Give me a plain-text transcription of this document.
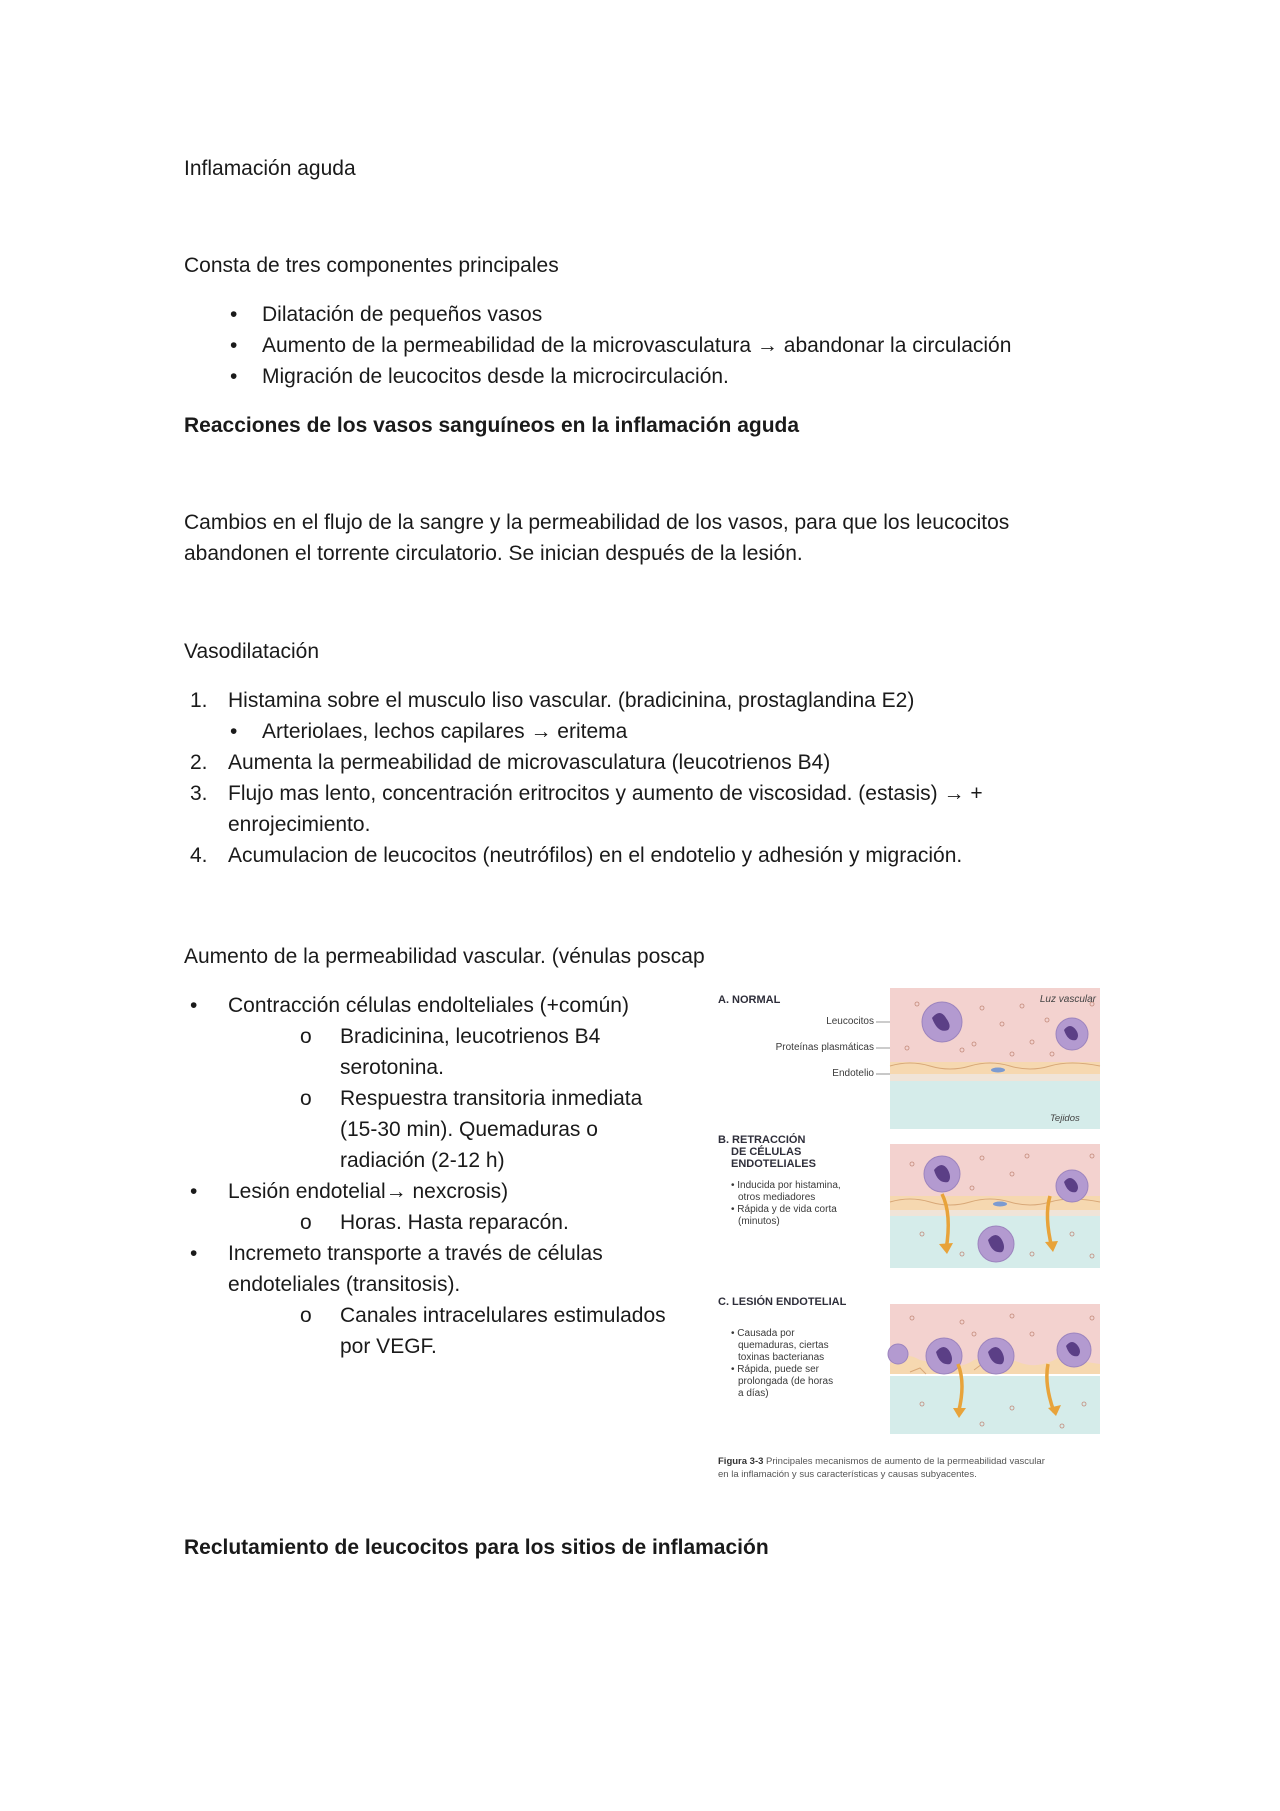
Inflamación aguda

Consta de tres componentes principales

• Dilatación de pequeños vasos
• Aumento de la permeabilidad de la microvasculatura → abandonar la circulación
• Migración de leucocitos desde la microcirculación.

Reacciones de los vasos sanguíneos en la inflamación aguda

Cambios en el flujo de la sangre y la permeabilidad de los vasos, para que los leucocitos

abandonen el torrente circulatorio. Se inician después de la lesión.

Vasodilatación

1. Histamina sobre el musculo liso vascular. (bradicinina, prostaglandina E2)
• Arteriolaes, lechos capilares → eritema
2. Aumenta la permeabilidad de microvasculatura (leucotrienos B4)
3. Flujo mas lento, concentración eritrocitos y aumento de viscosidad. (estasis) → +
enrojecimiento.
4. Acumulacion de leucocitos (neutrófilos) en el endotelio y adhesión y migración.

Aumento de la permeabilidad vascular. (vénulas poscap

• Contracción células endolteliales (+común)
o Bradicinina, leucotrienos B4
serotonina.
o Respuestra transitoria inmediata
(15-30 min). Quemaduras o
radiación (2-12 h)
• Lesión endotelial→ nexcrosis)
o Horas. Hasta reparacón.
• Incremeto transporte a través de células
endoteliales (transitosis).
o Canales intracelulares estimulados
por VEGF.
A. NORMAL
Leucocitos
Proteínas plasmáticas
Endotelio
Luz vascular
Tejidos
B. RETRACCIÓN
DE CÉLULAS
ENDOTELIALES
• Inducida por histamina,
otros mediadores
• Rápida y de vida corta
(minutos)
C. LESIÓN ENDOTELIAL
• Causada por
quemaduras, ciertas
toxinas bacterianas
• Rápida, puede ser
prolongada (de horas
a días)
Figura 3-3 Principales mecanismos de aumento de la permeabilidad vascular
en la inflamación y sus características y causas subyacentes.

Reclutamiento de leucocitos para los sitios de inflamación
